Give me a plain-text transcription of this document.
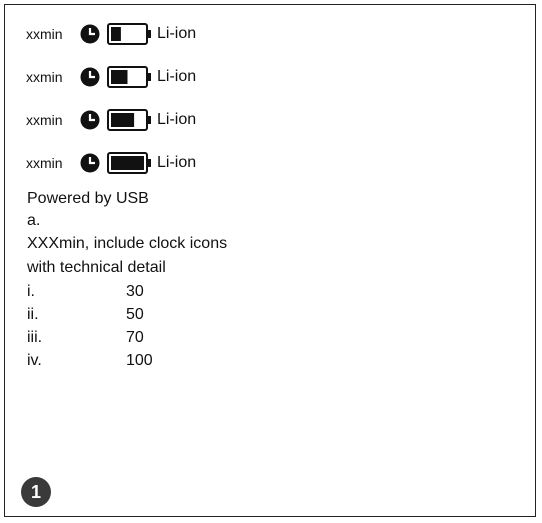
xxmin	Li-ion
xxmin	Li-ion
xxmin	Li-ion
xxmin	Li-ion
Powered by USB
a.
XXXmin, include clock icons
with technical detail
i.	30
ii.	50
iii.	70
iv.	100
1
